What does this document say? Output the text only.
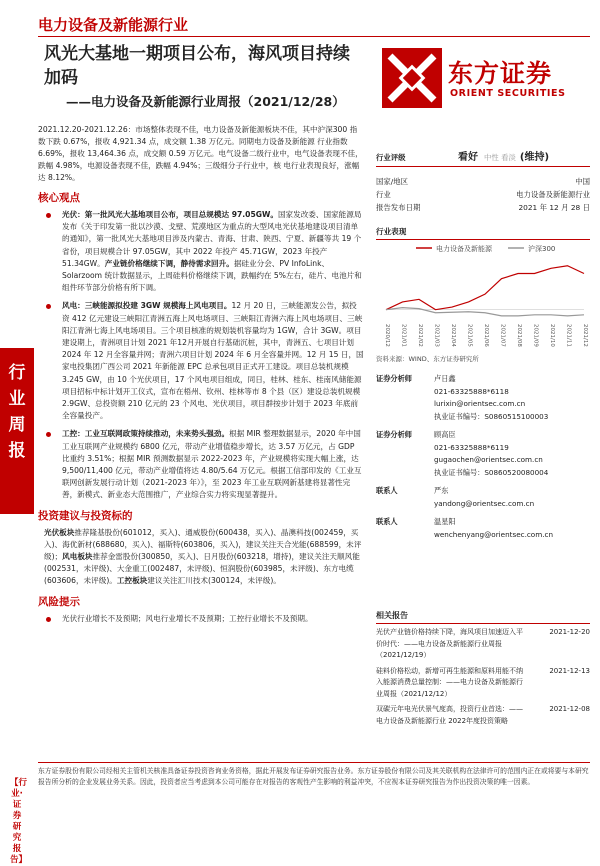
电力设备及新能源行业
风光大基地一期项目公布，海风项目持续加码
——电力设备及新能源行业周报（2021/12/28）
东方证券
ORIENT SECURITIES
行业周报
【行业·证券研究报告】
2021.12.20-2021.12.26：市场整体表现不佳，电力设备及新能源板块不佳，其中沪深300 指数下跌 0.67%，报收 4,921.34 点，成交额 1.38 万亿元。同期电力设备及新能源 行业指数 6.69%，报收 13,464.36 点，成交额 0.59 万亿元。电气设备二级行业中，电气设备表现不佳，跌幅 4.98%，电源设备表现不佳，跌幅 4.94%；三级细分子行业中，核 电行业表现良好，涨幅达 8.12%。
核心观点
光伏：第一批风光大基地项目公布，项目总规模达 97.05GW。国家发改委、国家能源局发布《关于印发第一批以沙漠、戈壁、荒漠地区为重点的大型风电光伏基地建设项目清单的通知》，第一批风光大基地项目涉及内蒙古、青海、甘肃、陕西、宁夏、新疆等共 19 个省份，项目规模合计 97.05GW，其中 2022 年投产 45.71GW，2023 年投产 51.34GW。产业链价格继续下调，静待需求回升。据硅业分会、PV InfoLink、Solarzoom 统计数据显示，上周硅料价格继续下调，跌幅约在 5%左右，硅片、电池片和组件环节部分价格有所下调。
风电：三峡能源拟投建 3GW 规模海上风电项目。12 月 20 日，三峡能源发公告，拟投资 412 亿元建设三峡阳江青洲五海上风电场项目、三峡阳江青洲六海上风电场项目、三峡阳江青洲七海上风电场项目。三个项目核准的规划装机容量均为 1GW，合计 3GW。项目建设期上，青洲项目计划 2021 年12月开展自行基础沉桩，其中，青洲五、七项目计划 2024 年 12 月全容量并网；青洲六项目计划 2024 年 6 月全容量并网。12 月 15 日，国家电投集团广西公司 2021 年新能源 EPC 总承包项目正式开工建设。项目总装机规模 3.245 GW，由 10 个光伏项目，17 个风电项目组成，同日，桂林、桂东、桂南风储能源项目招标中标计划开工仪式，宣布在梧州、钦州、桂林等市 8 个县（区）建设总装机规模 2.9GW、总投资额 210 亿元的 23 个风电、光伏项目，项目群按步计划于 2023 年底前全容量投产。
工控：工业互联网政策持续推动，未来势头强劲。根据 MIR 整理数据显示，2020 年中国工业互联网产业规模约 6800 亿元，带动产业增值稳步增长，达 3.57 万亿元，占 GDP 比重约 3.51%；根据 MIR 预测数据显示 2022-2023 年，产业规模将实现大幅上涨，达 9,500/11,400 亿元，带动产业增值将达 4.80/5.64 万亿元。根据工信部印发的《工业互联网创新发展行动计划（2021-2023 年）》，至 2023 年工业互联网新基建将显著性完善，新模式、新业态大范围推广，产业综合实力将实现显著提升。
投资建议与投资标的
光伏板块推荐隆基股份(601012，买入)、通威股份(600438，买入)、晶澳科技(002459，买入)、海优新材(688680，买入)、福斯特(603806，买入)，建议关注天合光能(688599，未评级)；风电板块推荐金雷股份(300850，买入)、日月股份(603218，增持)，建议关注天顺风能(002531，未评级)、大金重工(002487，未评级)、恒润股份(603985，未评级)、东方电缆(603606，未评级)。工控板块建议关注汇川技术(300124，未评级)。
风险提示
光伏行业增长不及预期；风电行业增长不及预期；工控行业增长不及预期。
行业评级	看好 中性 看淡 (维持)
国家/地区	中国
行业	电力设备及新能源行业
报告发布日期	2021 年 12 月 28 日
行业表现
电力设备及新能源	沪深300
2020/12 2021/01 2021/02 2021/03 2021/04 2021/05 2021/06 2021/07 2021/08 2021/09 2021/10 2021/11 2021/12
资料来源：WIND、东方证券研究所
证券分析师	卢日鑫
021-63325888*6118
lurixin@orientsec.com.cn
执业证书编号：S0860515100003
证券分析师	顾高臣
021-63325888*6119
gugaochen@orientsec.com.cn
执业证书编号：S0860520080004
联系人	严东
yandong@orientsec.com.cn
联系人	温星阳
wenchenyang@orientsec.com.cn
相关报告
光伏产业链价格持续下降，海风项目加速迈入平价时代：——电力设备及新能源行业周报（2021/12/19）
2021-12-20
硅料价格松动，新增可再生能源和原料用能不纳入能源消费总量控制：——电力设备及新能源行业周报（2021/12/12）
2021-12-13
双碳元年电光伏景气度高，投资行业首选：——电力设备及新能源行业 2022年度投资策略
2021-12-08
东方证券股份有限公司经相关主管机关核准具备证券投资咨询业务资格，据此开展发布证券研究报告业务。东方证券股份有限公司及其关联机构在法律许可的范围内正在或将要与本研究报告所分析的企业发展业务关系。因此，投资者应当考虑到本公司可能存在对报告的客观性产生影响的利益冲突，不应视本证券研究报告为作出投资决策的唯一因素。
